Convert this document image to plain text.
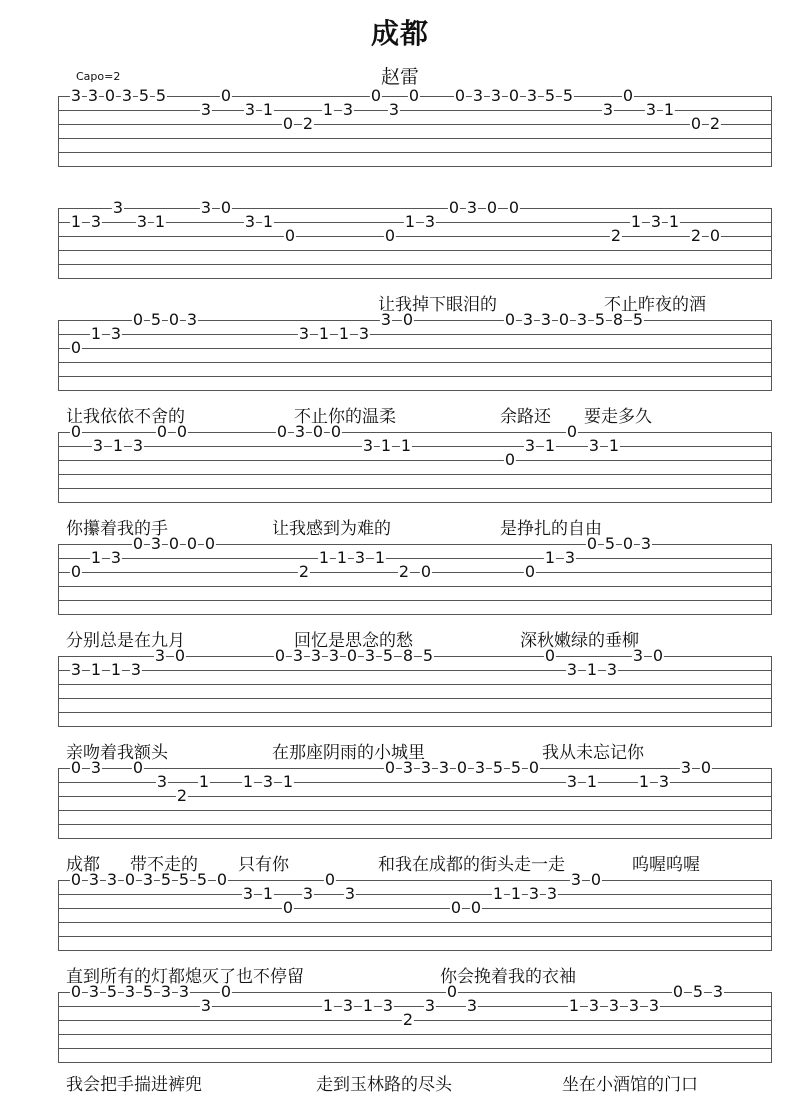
成都
赵雷
Capo=2
3 3 0 3 5 5
3
0
3 1
0 2
1 3
0
3
0 0 3 3 0 3 5 5
3
0
3 1
0 2
1 3
3
3 1
3 0
3 1
0	0
1 3
0 3 0 0
2
1 3 1
2 0
0
1 3
0 5 0 3
3 1 1 3
3 0	0 3 3 0 3 5 8 5
0
3 1 3
0 0	0 3 0 0
3 1 1
0
3 1
0
3 1
0
1 3
0 3 0 0 0
2
1 1 3 1
2 0	0
1 3
0 5 0 3
3 1 1 3
3 0	0 3 3 3 0 3 5 8 5	0
3 1 3
3 0
0 3 0
3
2
1 1 3 1
0 3 3 3 0 3 5 5 0
3 1	1 3
3 0
0 3 3 0 3 5 5 5 0
3 1
0
3
0
3
0 0
1 1 3 3
3 0
0 3 5 3 5 3 3
3
0
1 3 1 3
2
3
0
3	1 3 3 3 3
0 5 3
让我掉下眼泪的	不止昨夜的酒
让我依依不舍的	不止你的温柔	余路还 要走多久
你攥着我的手	让我感到为难的	是挣扎的自由
分别总是在九月	回忆是思念的愁	深秋嫩绿的垂柳
亲吻着我额头	在那座阴雨的小城里	我从未忘记你
成都 带不走的 只有你	和我在成都的街头走一走	呜喔呜喔
直到所有的灯都熄灭了也不停留	你会挽着我的衣袖
我会把手揣进裤兜	走到玉林路的尽头	坐在小酒馆的门口
